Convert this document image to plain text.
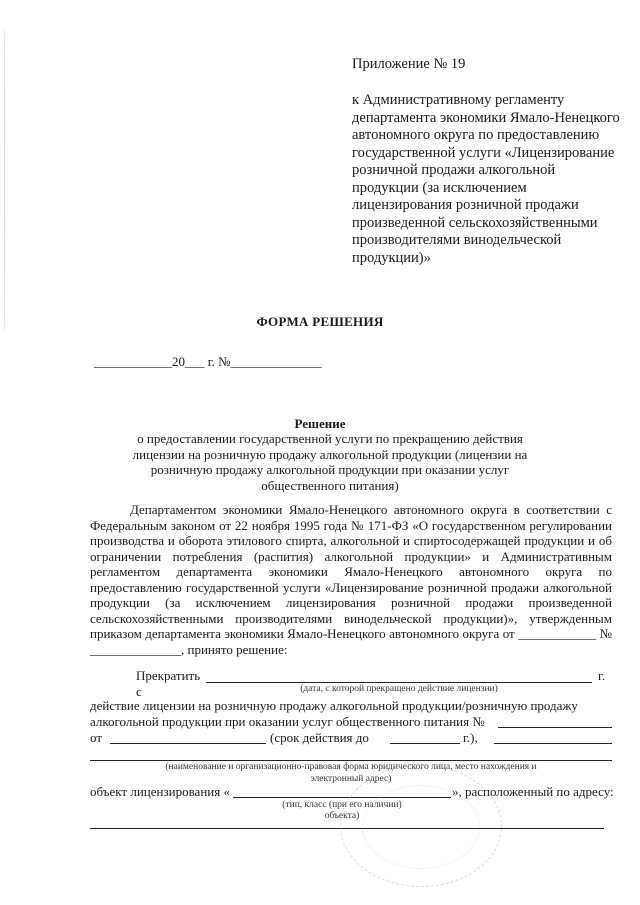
Приложение № 19
к Административному регламенту департамента экономики Ямало-Ненецкого автономного округа по предоставлению государственной услуги «Лицензирование розничной продажи алкогольной продукции (за исключением лицензирования розничной продажи произведенной сельскохозяйственными производителями винодельческой продукции)»
ФОРМА РЕШЕНИЯ
____________20___ г. №______________
Решение
о предоставлении государственной услуги по прекращению действия лицензии на розничную продажу алкогольной продукции (лицензии на розничную продажу алкогольной продукции при оказании услуг общественного питания)
Департаментом экономики Ямало-Ненецкого автономного округа в соответствии с Федеральным законом от 22 ноября 1995 года № 171-ФЗ «О государственном регулировании производства и оборота этилового спирта, алкогольной и спиртосодержащей продукции и об ограничении потребления (распития) алкогольной продукции» и Административным регламентом департамента экономики Ямало-Ненецкого автономного округа по предоставлению государственной услуги «Лицензирование розничной продажи алкогольной продукции (за исключением лицензирования розничной продажи произведенной сельскохозяйственными производителями винодельческой продукции)», утвержденным приказом департамента экономики Ямало-Ненецкого автономного округа от ____________ № ______________, принято решение:
Прекратить с
г.
(дата, с которой прекращено действие лицензии)
действие лицензии на розничную продажу алкогольной продукции/розничную продажу
алкогольной продукции при оказании услуг общественного питания №
от	(срок действия до	г.),
(наименование и организационно-правовая форма юридического лица, место нахождения и
электронный адрес)
объект лицензирования «	», расположенный по адресу:
(тип, класс (при его наличии)
объекта)
